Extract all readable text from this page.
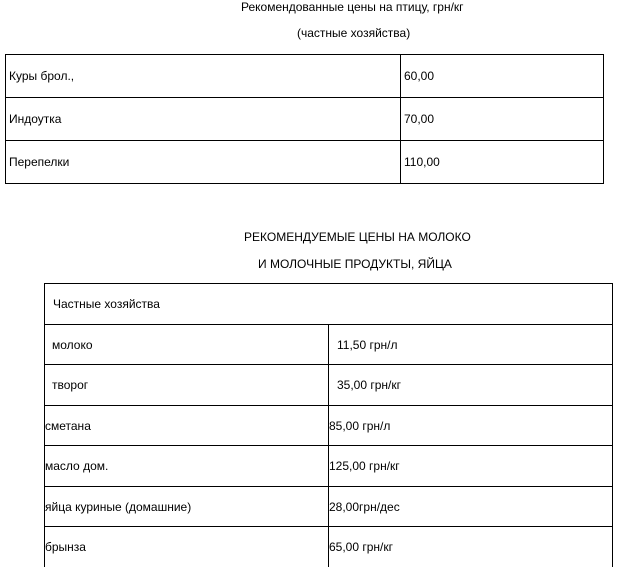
Рекомендованные цены на птицу, грн/кг
(частные хозяйства)
Куры брол.,	60,00
Индоутка	70,00
Перепелки	110,00
РЕКОМЕНДУЕМЫЕ ЦЕНЫ НА МОЛОКО
И МОЛОЧНЫЕ ПРОДУКТЫ, ЯЙЦА
Частные хозяйства	
молоко	11,50 грн/л
творог	35,00 грн/кг
сметана	85,00 грн/л
масло дом.	125,00 грн/кг
яйца куриные (домашние)	28,00грн/дес
брынза	65,00 грн/кг
